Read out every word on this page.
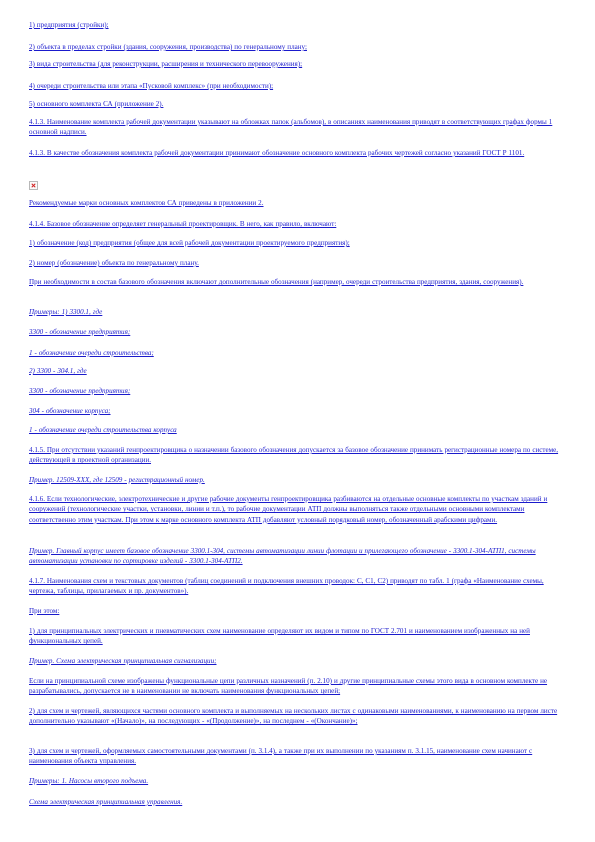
1) предприятия (стройки);

2) объекта в пределах стройки (здания, сооружения, производства) по генеральному плану;

3) вида строительства (для реконструкции, расширения и технического перевооружения);

4) очереди строительства или этапа «Пусковой комплекс» (при необходимости);

5) основного комплекта СА (приложение 2).

4.1.3. Наименование комплекта рабочей документации указывают на обложках папок (альбомов), в описаниях наименования приводят в соответствующих графах формы 1 основной надписи.

4.1.3. В качестве обозначения комплекта рабочей документации принимают обозначение основного комплекта рабочих чертежей согласно указаний ГОСТ Р 1101.

Рекомендуемые марки основных комплектов СА приведены в приложении 2.

4.1.4. Базовое обозначение определяет генеральный проектировщик. В него, как правило, включают:

1) обозначение (код) предприятия (общее для всей рабочей документации проектируемого предприятия);

2) номер (обозначение) объекта по генеральному плану.

При необходимости в состав базового обозначения включают дополнительные обозначения (например, очереди строительства предприятия, здания, сооружения).

Примеры: 1) 3300.1, где

3300 - обозначение предприятия;

1 - обозначение очереди строительства;

2) 3300 - 304.1, где

3300 - обозначение предприятия;

304 - обозначение корпуса;

1 - обозначение очереди строительства корпуса

4.1.5. При отсутствии указаний генпроектировщика о назначении базового обозначения допускается за базовое обозначение принимать регистрационные номера по системе, действующей в проектной организации.

Пример. 12509-ХХХ, где 12509 - регистрационный номер.

4.1.6. Если технологические, электротехнические и другие рабочие документы генпроектировщика разбиваются на отдельные основные комплекты по участкам зданий и сооружений (технологические участки, установки, линии и т.п.), то рабочие документации АТП должны выполняться также отдельными основными комплектами соответственно этим участкам. При этом к марке основного комплекта АТП добавляют условный порядковый номер, обозначенный арабскими цифрами.

Пример. Главный корпус имеет базовое обозначение 3300.1-304, системы автоматизации линии флотации и прилегающего обозначение - 3300.1-304-АТП1, системы автоматизации установки по сортировке изделий - 3300.1-304-АТП2.

4.1.7. Наименования схем и текстовых документов (таблиц соединений и подключения внешних проводок: С, С1, С2) приводят по табл. 1 (графа «Наименование схемы, чертежа, таблицы, прилагаемых и пр. документов»).

При этом:

1) для принципиальных электрических и пневматических схем наименование определяют их видом и типом по ГОСТ 2.701 и наименованием изображенных на ней функциональных цепей.

Пример. Схема электрическая принципиальная сигнализации;

Если на принципиальной схеме изображены функциональные цепи различных назначений (п. 2.10) и другие принципиальные схемы этого вида в основном комплекте не разрабатывались, допускается не в наименовании не включать наименования функциональных цепей;

2) для схем и чертежей, являющихся частями основного комплекта и выполняемых на нескольких листах с одинаковыми наименованиями, к наименованию на первом листе дополнительно указывают «(Начало)», на последующих - «(Продолжение)», на последнем - «(Окончание)»;

3) для схем и чертежей, оформляемых самостоятельными документами (п. 3.1.4), а также при их выполнении по указаниям п. 3.1.15, наименование схем начинают с наименования объекта управления.

Примеры: 1. Насосы второго подъема.

Схема электрическая принципиальная управления.
